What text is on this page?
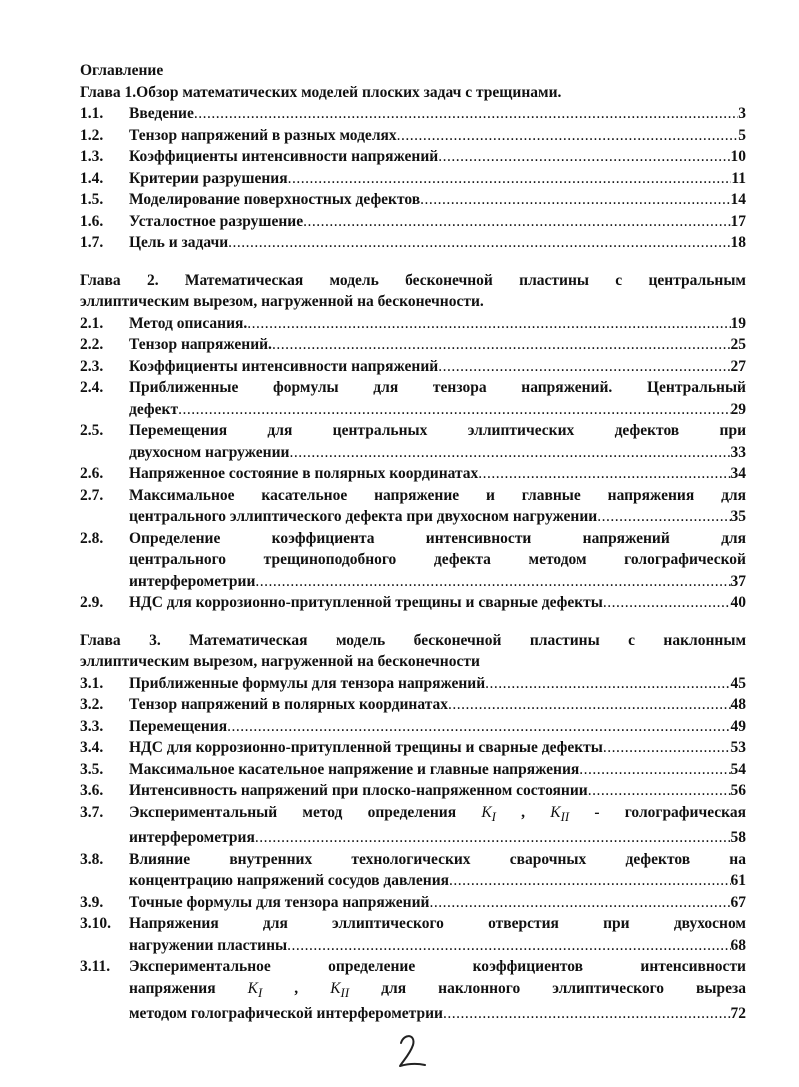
Оглавление
Глава 1.Обзор математических моделей плоских задач с трещинами.
1.1.	Введение .....	3
1.2.	Тензор напряжений в разных моделях .....	5
1.3.	Коэффициенты интенсивности напряжений .....	10
1.4.	Критерии разрушения .....	11
1.5.	Моделирование поверхностных дефектов .....	14
1.6.	Усталостное разрушение .....	17
1.7.	Цель и задачи .....	18
Глава 2. Математическая модель бесконечной пластины с центральным
эллиптическим вырезом, нагруженной на бесконечности.
2.1.	Метод описания. .....	19
2.2.	Тензор напряжений. .....	25
2.3.	Коэффициенты интенсивности напряжений .....	27
2.4.	Приближенные формулы для тензора напряжений. Центральный
дефект .....	29
2.5.	Перемещения для центральных эллиптических дефектов при
двухосном нагружении .....	33
2.6.	Напряженное состояние в полярных координатах .....	34
2.7.	Максимальное касательное напряжение и главные напряжения для
центрального эллиптического дефекта при двухосном нагружении .....	35
2.8.	Определение коэффициента интенсивности напряжений для
центрального трещиноподобного дефекта методом голографической
интерферометрии .....	37
2.9.	НДС для коррозионно-притупленной трещины и сварные дефекты .....	40
Глава 3. Математическая модель бесконечной пластины с наклонным
эллиптическим вырезом, нагруженной на бесконечности
3.1.	Приближенные формулы для тензора напряжений .....	45
3.2.	Тензор напряжений в полярных координатах .....	48
3.3.	Перемещения .....	49
3.4.	НДС для коррозионно-притупленной трещины и сварные дефекты .....	53
3.5.	Максимальное касательное напряжение и главные напряжения .....	54
3.6.	Интенсивность напряжений при плоско-напряженном состоянии .....	56
3.7.	Экспериментальный метод определения $K_I$ , $K_{II}$ - голографическая
интерферометрия .....	58
3.8.	Влияние внутренних технологических сварочных дефектов на
концентрацию напряжений сосудов давления .....	61
3.9.	Точные формулы для тензора напряжений .....	67
3.10.	Напряжения для эллиптического отверстия при двухосном
нагружении пластины .....	68
3.11.	Экспериментальное определение коэффициентов интенсивности
напряжения $K_I$ , $K_{II}$ для наклонного эллиптического выреза
методом голографической интерферометрии .....	72
